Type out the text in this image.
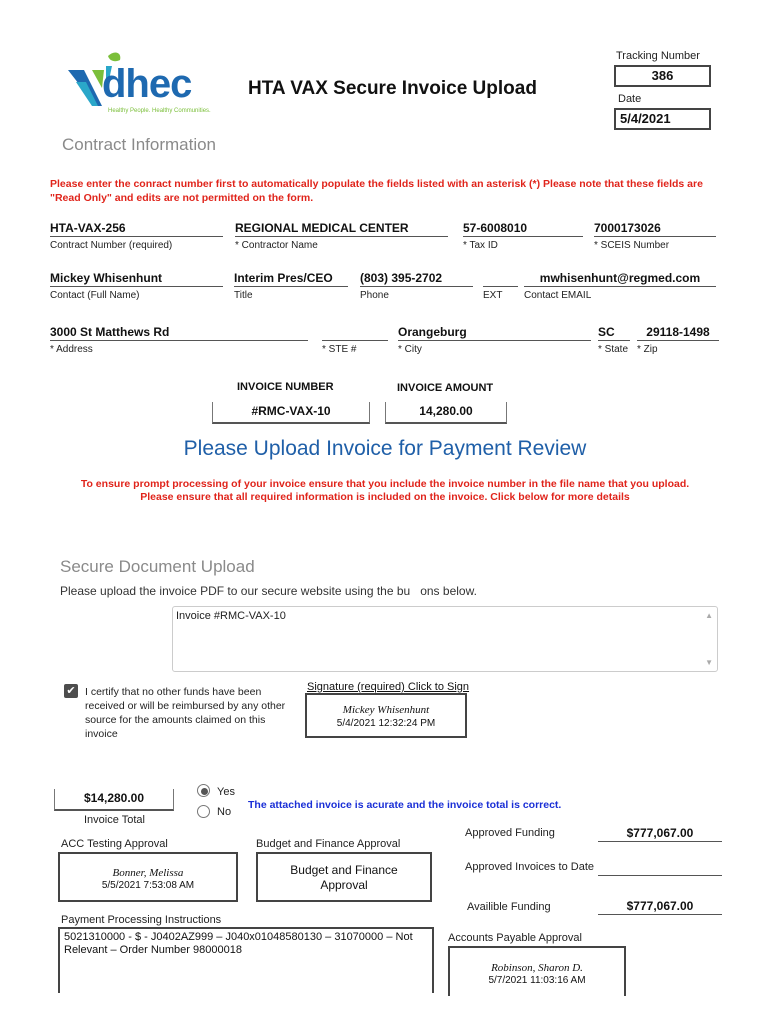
dhec
Healthy People. Healthy Communities.
HTA VAX Secure Invoice Upload
Tracking Number
386
Date
5/4/2021
Contract Information
Please enter the conract number first to automatically populate the fields listed with an asterisk (*) Please note that these fields are "Read Only" and edits are not permitted on the form.
HTA-VAX-256
Contract Number (required)
REGIONAL MEDICAL CENTER
* Contractor Name
57-6008010
* Tax ID
7000173026
* SCEIS Number
Mickey Whisenhunt
Contact (Full Name)
Interim Pres/CEO
Title
(803) 395-2702
Phone	EXT
mwhisenhunt@regmed.com
Contact EMAIL
3000 St Matthews Rd
* Address	* STE #
Orangeburg
* City
SC
* State
29118-1498
* Zip
INVOICE NUMBER
#RMC-VAX-10
INVOICE AMOUNT
14,280.00
Please Upload Invoice for Payment Review
To ensure prompt processing of your invoice ensure that you include the invoice number in the file name that you upload.
Please ensure that all required information is included on the invoice. Click below for more details
Secure Document Upload
Please upload the invoice PDF to our secure website using the bu   ons below.
Invoice #RMC-VAX-10	▲
▼
✔ I certify that no other funds have been received or will be reimbursed by any other source for the amounts claimed on this invoice
Signature (required) Click to Sign
Mickey Whisenhunt
5/4/2021 12:32:24 PM
$14,280.00
Invoice Total
Yes
No
The attached invoice is acurate and the invoice total is correct.
ACC Testing Approval
Bonner, Melissa
5/5/2021 7:53:08 AM
Budget and Finance Approval
Budget and Finance Approval
Approved Funding	$777,067.00
Approved Invoices to Date
Availible Funding	$777,067.00
Payment Processing Instructions
5021310000 - $ - J0402AZ999 – J040x01048580130 – 31070000 – Not Relevant – Order Number 98000018
Accounts Payable Approval
Robinson, Sharon D.
5/7/2021 11:03:16 AM
